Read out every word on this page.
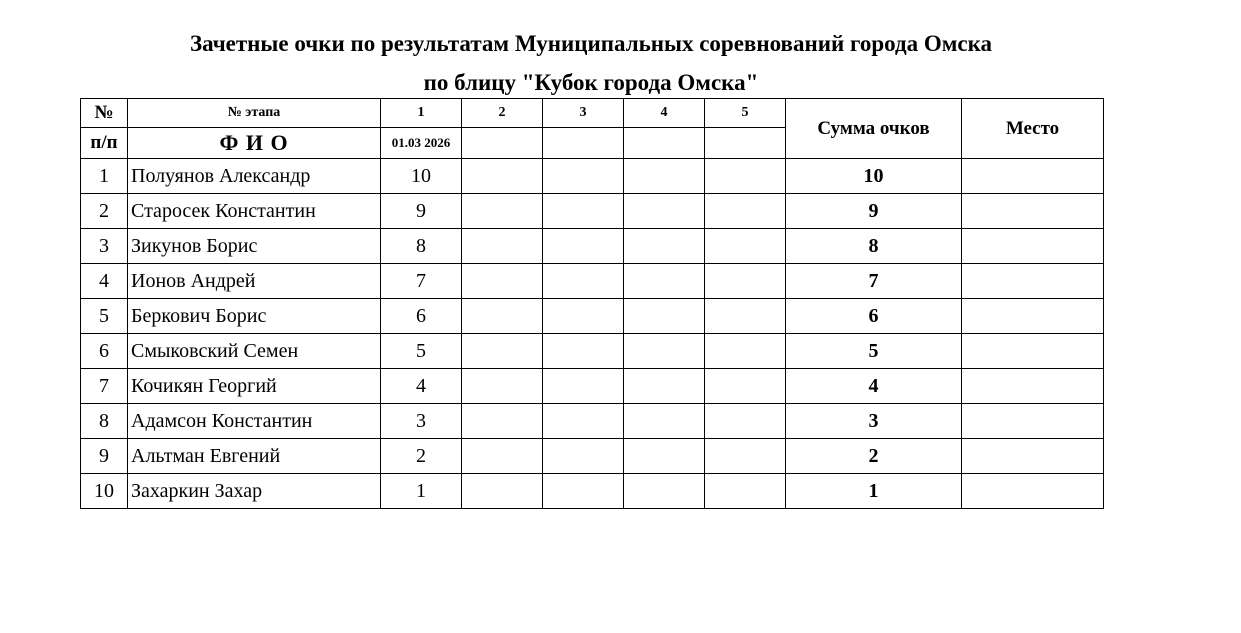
Зачетные очки по результатам Муниципальных соревнований города Омска
по блицу "Кубок города Омска"
№	№ этапа	1	2	3	4	5	Сумма очков	Место
п/п	Ф И О	01.03 2026						
1	Полуянов Александр	10					10	
2	Старосек Константин	9					9	
3	Зикунов Борис	8					8	
4	Ионов Андрей	7					7	
5	Беркович Борис	6					6	
6	Смыковский Семен	5					5	
7	Кочикян Георгий	4					4	
8	Адамсон Константин	3					3	
9	Альтман Евгений	2					2	
10	Захаркин Захар	1					1	
